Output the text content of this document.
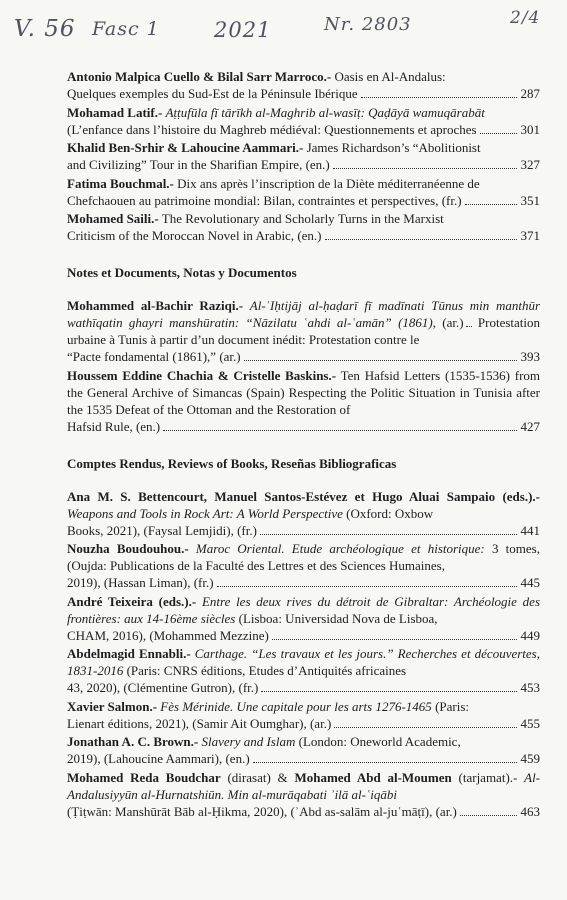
V. 56 Fasc 1	2021	Nr. 2803	2/4
Antonio Malpica Cuello & Bilal Sarr Marroco.- Oasis en Al-Andalus:
Quelques exemples du Sud-Est de la Péninsule Ibérique	287
Mohamad Latif.- Aṭṭufūla fī tārīkh al-Maghrib al-wasīṭ: Qaḍāyā wamuqārabāt
(L’enfance dans l’histoire du Maghreb médiéval: Questionnements et aproches	301
Khalid Ben-Srhir & Lahoucine Aammari.- James Richardson’s “Abolitionist
and Civilizing” Tour in the Sharifian Empire, (en.)	327
Fatima Bouchmal.- Dix ans après l’inscription de la Diète méditerranéenne de
Chefchaouen au patrimoine mondial: Bilan, contraintes et perspectives, (fr.)	351
Mohamed Saili.- The Revolutionary and Scholarly Turns in the Marxist
Criticism of the Moroccan Novel in Arabic, (en.)	371
Notes et Documents, Notas y Documentos
Mohammed al-Bachir Raziqi.- Al-ʿIḥtijāj al-ḥaḍarī fī madīnati Tūnus min manthūr wathīqatin ghayri manshūratin: “Nāzilatu ʿahdi al-ʿamān” (1861), (ar.) Protestation urbaine à Tunis à partir d’un document inédit: Protestation contre le
“Pacte fondamental (1861),” (ar.)	393
Houssem Eddine Chachia & Cristelle Baskins.- Ten Hafsid Letters (1535-1536) from the General Archive of Simancas (Spain) Respecting the Politic Situation in Tunisia after the 1535 Defeat of the Ottoman and the Restoration of
Hafsid Rule, (en.)	427
Comptes Rendus, Reviews of Books, Reseñas Bibliograficas
Ana M. S. Bettencourt, Manuel Santos-Estévez et Hugo Aluai Sampaio (eds.).- Weapons and Tools in Rock Art: A World Perspective (Oxford: Oxbow
Books, 2021), (Faysal Lemjidi), (fr.)	441
Nouzha Boudouhou.- Maroc Oriental. Etude archéologique et historique: 3 tomes, (Oujda: Publications de la Faculté des Lettres et des Sciences Humaines,
2019), (Hassan Liman), (fr.)	445
André Teixeira (eds.).- Entre les deux rives du détroit de Gibraltar: Archéologie des frontières: aux 14-16ème siècles (Lisboa: Universidad Nova de Lisboa,
CHAM, 2016), (Mohammed Mezzine)	449
Abdelmagid Ennabli.- Carthage. “Les travaux et les jours.” Recherches et découvertes, 1831-2016 (Paris: CNRS éditions, Etudes d’Antiquités africaines
43, 2020), (Clémentine Gutron), (fr.)	453
Xavier Salmon.- Fès Mérinide. Une capitale pour les arts 1276-1465 (Paris:
Lienart éditions, 2021), (Samir Ait Oumghar), (ar.)	455
Jonathan A. C. Brown.- Slavery and Islam (London: Oneworld Academic,
2019), (Lahoucine Aammari), (en.)	459
Mohamed Reda Boudchar (dirasat) & Mohamed Abd al-Moumen (tarjamat).- Al-Andalusiyyūn al-Hurnatshiūn. Min al-murāqabati ʾilā al-ʿiqābi
(Ṭiṭwān: Manshūrāt Bāb al-Ḥikma, 2020), (ʾAbd as-salām al-juʿmāṭī), (ar.)	463
